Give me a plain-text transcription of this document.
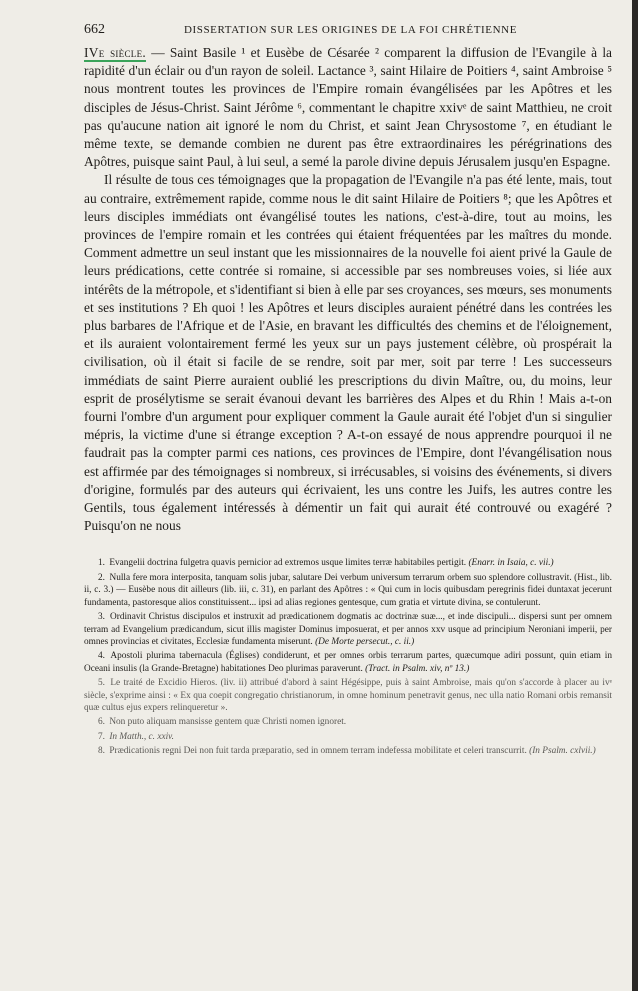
662	DISSERTATION SUR LES ORIGINES DE LA FOI CHRÉTIENNE

IVe siècle. — Saint Basile ¹ et Eusèbe de Césarée ² comparent la diffusion de l'Evangile à la rapidité d'un éclair ou d'un rayon de soleil. Lactance ³, saint Hilaire de Poitiers ⁴, saint Ambroise ⁵ nous montrent toutes les provinces de l'Empire romain évangélisées par les Apôtres et les disciples de Jésus-Christ. Saint Jérôme ⁶, commentant le chapitre xxivᵉ de saint Matthieu, ne croit pas qu'aucune nation ait ignoré le nom du Christ, et saint Jean Chrysostome ⁷, en étudiant le même texte, se demande combien ne durent pas être extraordinaires les pérégrinations des Apôtres, puisque saint Paul, à lui seul, a semé la parole divine depuis Jérusalem jusqu'en Espagne.

Il résulte de tous ces témoignages que la propagation de l'Evangile n'a pas été lente, mais, tout au contraire, extrêmement rapide, comme nous le dit saint Hilaire de Poitiers ⁸; que les Apôtres et leurs disciples immédiats ont évangélisé toutes les nations, c'est-à-dire, tout au moins, les provinces de l'empire romain et les contrées qui étaient fréquentées par les maîtres du monde. Comment admettre un seul instant que les missionnaires de la nouvelle foi aient privé la Gaule de leurs prédications, cette contrée si romaine, si accessible par ses nombreuses voies, si liée aux intérêts de la métropole, et s'identifiant si bien à elle par ses croyances, ses mœurs, ses monuments et ses institutions ? Eh quoi ! les Apôtres et leurs disciples auraient pénétré dans les contrées les plus barbares de l'Afrique et de l'Asie, en bravant les difficultés des chemins et de l'éloignement, et ils auraient volontairement fermé les yeux sur un pays justement célèbre, où prospérait la civilisation, où il était si facile de se rendre, soit par mer, soit par terre ! Les successeurs immédiats de saint Pierre auraient oublié les prescriptions du divin Maître, ou, du moins, leur esprit de prosélytisme se serait évanoui devant les barrières des Alpes et du Rhin ! Mais a-t-on fourni l'ombre d'un argument pour expliquer comment la Gaule aurait été l'objet d'un si singulier mépris, la victime d'une si étrange exception ? A-t-on essayé de nous apprendre pourquoi il ne faudrait pas la compter parmi ces nations, ces provinces de l'Empire, dont l'évangélisation nous est affirmée par des témoignages si nombreux, si irrécusables, si voisins des événements, si divers d'origine, formulés par des auteurs qui écrivaient, les uns contre les Juifs, les autres contre les Gentils, tous également intéressés à démentir un fait qui aurait été controuvé ou exagéré ? Puisqu'on ne nous

1. Evangelii doctrina fulgetra quavis pernicior ad extremos usque limites terræ habitabiles pertigit. (Enarr. in Isaia, c. vii.)
2. Nulla fere mora interposita, tanquam solis jubar, salutare Dei verbum universum terrarum orbem suo splendore collustravit. (Hist., lib. ii, c. 3.) — Eusèbe nous dit ailleurs (lib. iii, c. 31), en parlant des Apôtres : « Qui cum in locis quibusdam peregrinis fidei duntaxat jecerunt fundamenta, pastoresque alios constituissent... ipsi ad alias regiones gentesque, cum gratia et virtute divina, se contulerunt.
3. Ordinavit Christus discipulos et instruxit ad prædicationem dogmatis ac doctrinæ suæ..., et inde discipuli... dispersi sunt per omnem terram ad Evangelium prædicandum, sicut illis magister Dominus imposuerat, et per annos xxv usque ad principium Neroniani imperii, per omnes provincias et civitates, Ecclesiæ fundamenta miserunt. (De Morte persecut., c. ii.)
4. Apostoli plurima tabernacula (Églises) condiderunt, et per omnes orbis terrarum partes, quæcumque adiri possunt, quin etiam in Oceani insulis (la Grande-Bretagne) habitationes Deo plurimas paraverunt. (Tract. in Psalm. xiv, nº 13.)
5. Le traité de Excidio Hieros. (liv. ii) attribué d'abord à saint Hégésippe, puis à saint Ambroise, mais qu'on s'accorde à placer au ivᵉ siècle, s'exprime ainsi : « Ex qua coepit congregatio christianorum, in omne hominum penetravit genus, nec ulla natio Romani orbis remansit quæ cultus ejus expers relinqueretur ».
6. Non puto aliquam mansisse gentem quæ Christi nomen ignoret.
7. In Matth., c. xxiv.
8. Prædicationis regni Dei non fuit tarda præparatio, sed in omnem terram indefessa mobilitate et celeri transcurrit. (In Psalm. cxlvii.)
